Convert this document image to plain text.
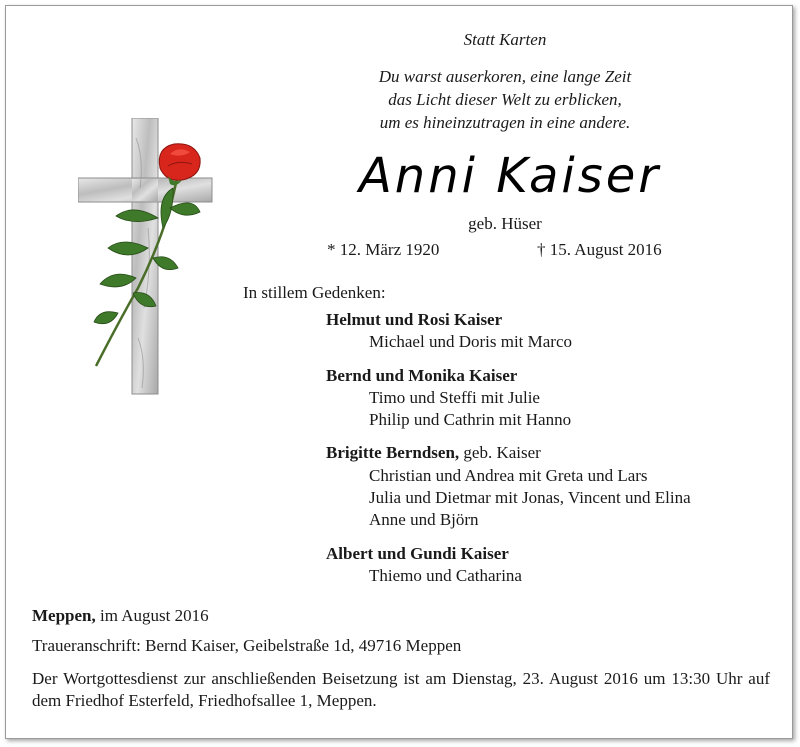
Statt Karten
Du warst auserkoren, eine lange Zeit
das Licht dieser Welt zu erblicken,
um es hineinzutragen in eine andere.
Anni Kaiser
geb. Hüser
* 12. März 1920	† 15. August 2016
In stillem Gedenken:
Helmut und Rosi Kaiser
Michael und Doris mit Marco
Bernd und Monika Kaiser
Timo und Steffi mit Julie
Philip und Cathrin mit Hanno
Brigitte Berndsen, geb. Kaiser
Christian und Andrea mit Greta und Lars
Julia und Dietmar mit Jonas, Vincent und Elina
Anne und Björn
Albert und Gundi Kaiser
Thiemo und Catharina
Meppen, im August 2016
Traueranschrift: Bernd Kaiser, Geibelstraße 1d, 49716 Meppen
Der Wortgottesdienst zur anschließenden Beisetzung ist am Dienstag, 23. August 2016 um 13:30 Uhr auf dem Friedhof Esterfeld, Friedhofsallee 1, Meppen.
